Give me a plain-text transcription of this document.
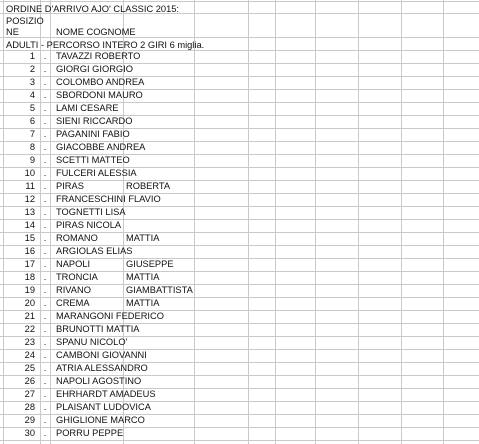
ORDINE D'ARRIVO AJO' CLASSIC 2015:
POSIZIO
NE	NOME COGNOME
ADULTI - PERCORSO INTERO 2 GIRI 6 miglia.
1 . TAVAZZI ROBERTO
2 . GIORGI GIORGIO
3 . COLOMBO ANDREA
4 . SBORDONI MAURO
5 . LAMI CESARE
6 . SIENI RICCARDO
7 . PAGANINI FABIO
8 . GIACOBBE ANDREA
9 . SCETTI MATTEO
10 . FULCERI ALESSIA
11 . PIRAS	ROBERTA
12 . FRANCESCHINI FLAVIO
13 . TOGNETTI LISA
14 . PIRAS NICOLA
15 . ROMANO	MATTIA
16 . ARGIOLAS ELIAS
17 . NAPOLI	GIUSEPPE
18 . TRONCIA	MATTIA
19 . RIVANO	GIAMBATTISTA
20 . CREMA	MATTIA
21 . MARANGONI FEDERICO
22 . BRUNOTTI MATTIA
23 . SPANU NICOLO'
24 . CAMBONI GIOVANNI
25 . ATRIA ALESSANDRO
26 . NAPOLI AGOSTINO
27 . EHRHARDT AMADEUS
28 . PLAISANT LUDOVICA
29 . GHIGLIONE MARCO
30 . PORRU PEPPE
